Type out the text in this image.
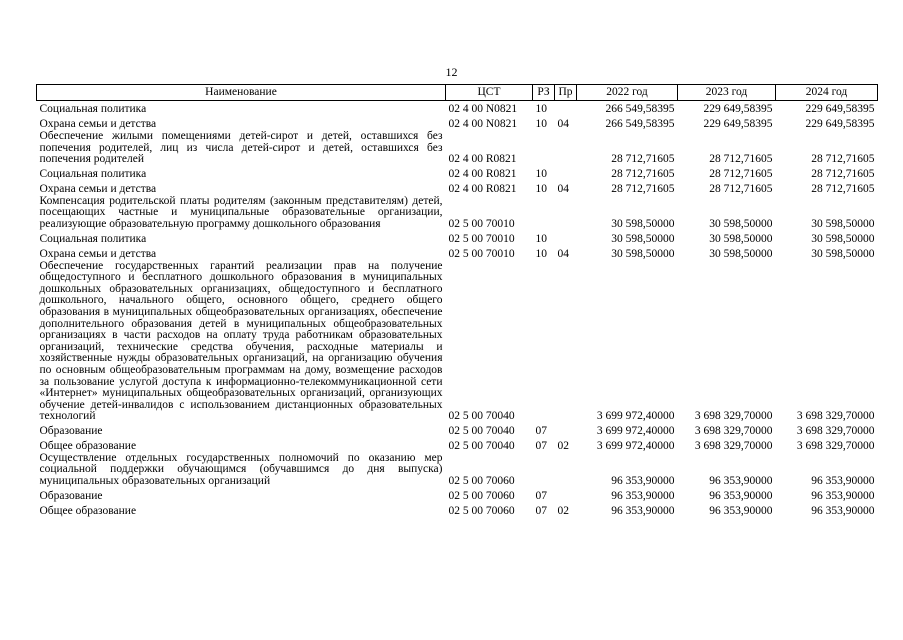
12
Наименование	ЦСТ	РЗ	Пр	2022 год	2023 год	2024 год
Социальная политика	02 4 00 N0821	10		266 549,58395	229 649,58395	229 649,58395
Охрана семьи и детства	02 4 00 N0821	10	04	266 549,58395	229 649,58395	229 649,58395
Обеспечение жилыми помещениями детей-сирот и детей, оставшихся без попечения родителей, лиц из числа детей-сирот и детей, оставшихся без попечения родителей	02 4 00 R0821			28 712,71605	28 712,71605	28 712,71605
Социальная политика	02 4 00 R0821	10		28 712,71605	28 712,71605	28 712,71605
Охрана семьи и детства	02 4 00 R0821	10	04	28 712,71605	28 712,71605	28 712,71605
Компенсация родительской платы родителям (законным представителям) детей, посещающих частные и муниципальные образовательные организации, реализующие образовательную программу дошкольного образования	02 5 00 70010			30 598,50000	30 598,50000	30 598,50000
Социальная политика	02 5 00 70010	10		30 598,50000	30 598,50000	30 598,50000
Охрана семьи и детства	02 5 00 70010	10	04	30 598,50000	30 598,50000	30 598,50000
Обеспечение государственных гарантий реализации прав на получение общедоступного и бесплатного дошкольного образования в муниципальных дошкольных образовательных организациях, общедоступного и бесплатного дошкольного, начального общего, основного общего, среднего общего образования в муниципальных общеобразовательных организациях, обеспечение дополнительного образования детей в муниципальных общеобразовательных организациях в части расходов на оплату труда работникам образовательных организаций, технические средства обучения, расходные материалы и хозяйственные нужды образовательных организаций, на организацию обучения по основным общеобразовательным программам на дому, возмещение расходов за пользование услугой доступа к информационно-телекоммуникационной сети «Интернет» муниципальных общеобразовательных организаций, организующих обучение детей-инвалидов с использованием дистанционных образовательных технологий	02 5 00 70040			3 699 972,40000	3 698 329,70000	3 698 329,70000
Образование	02 5 00 70040	07		3 699 972,40000	3 698 329,70000	3 698 329,70000
Общее образование	02 5 00 70040	07	02	3 699 972,40000	3 698 329,70000	3 698 329,70000
Осуществление отдельных государственных полномочий по оказанию мер социальной поддержки обучающимся (обучавшимся до дня выпуска) муниципальных образовательных организаций	02 5 00 70060			96 353,90000	96 353,90000	96 353,90000
Образование	02 5 00 70060	07		96 353,90000	96 353,90000	96 353,90000
Общее образование	02 5 00 70060	07	02	96 353,90000	96 353,90000	96 353,90000
